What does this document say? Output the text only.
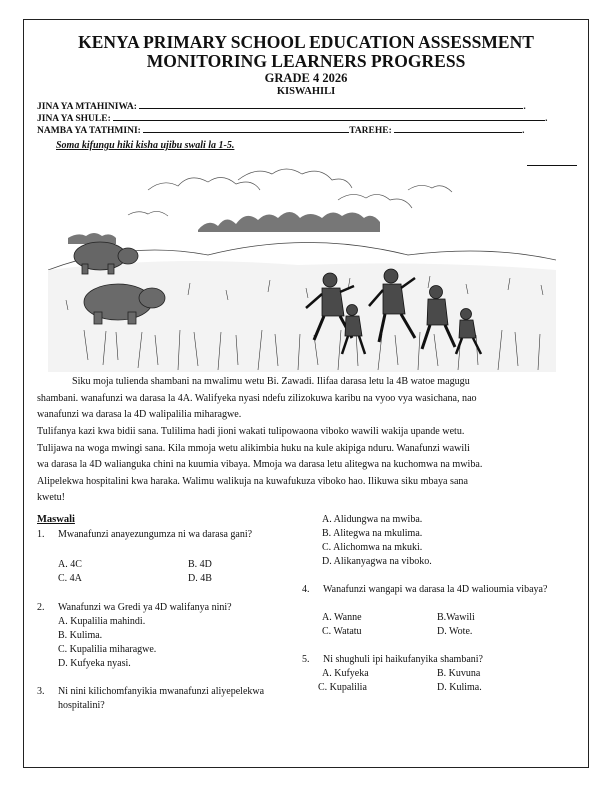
KENYA PRIMARY SCHOOL EDUCATION ASSESSMENT
MONITORING LEARNERS PROGRESS
GRADE 4 2026
KISWAHILI
JINA YA MTAHINIWA:	.
JINA YA SHULE:	.
NAMBA YA TATHMINI:	TAREHE:	.
Soma kifungu hiki kisha ujibu swali la 1-5.
Siku moja tulienda shambani na mwalimu wetu Bi. Zawadi. Ilifaa darasa letu la 4B watoe magugu
shambani. wanafunzi wa darasa la 4A. Walifyeka nyasi ndefu zilizokuwa karibu na vyoo vya wasichana, nao
wanafunzi wa darasa la 4D walipalilia miharagwe.
Tulifanya kazi kwa bidii sana. Tulilima hadi jioni wakati tulipowaona viboko wawili wakija upande wetu.
Tulijawa na woga mwingi sana. Kila mmoja wetu alikimbia huku na kule akipiga nduru. Wanafunzi wawili
wa darasa la 4D walianguka chini na kuumia vibaya. Mmoja wa darasa letu alitegwa na kuchomwa na mwiba.
Alipelekwa hospitalini kwa haraka. Walimu walikuja na kuwafukuza viboko hao. Ilikuwa siku mbaya sana
kwetu!
Maswali
1. Mwanafunzi anayezungumza ni wa darasa gani?
A. 4C	B. 4D
C. 4A	D. 4B
2. Wanafunzi wa Gredi ya 4D walifanya nini?
A. Kupalilia mahindi.
B. Kulima.
C. Kupalilia miharagwe.
D. Kufyeka nyasi.
3. Ni nini kilichomfanyikia mwanafunzi aliyepelekwa hospitalini?
A. Alidungwa na mwiba.
B. Alitegwa na mkulima.
C. Alichomwa na mkuki.
D. Alikanyagwa na viboko.
4. Wanafunzi wangapi wa darasa la 4D walioumia vibaya?
A. Wanne	B.Wawili
C. Watatu	D. Wote.
5. Ni shughuli ipi haikufanyika shambani?
A. Kufyeka	B. Kuvuna
C. Kupalilia	D. Kulima.
